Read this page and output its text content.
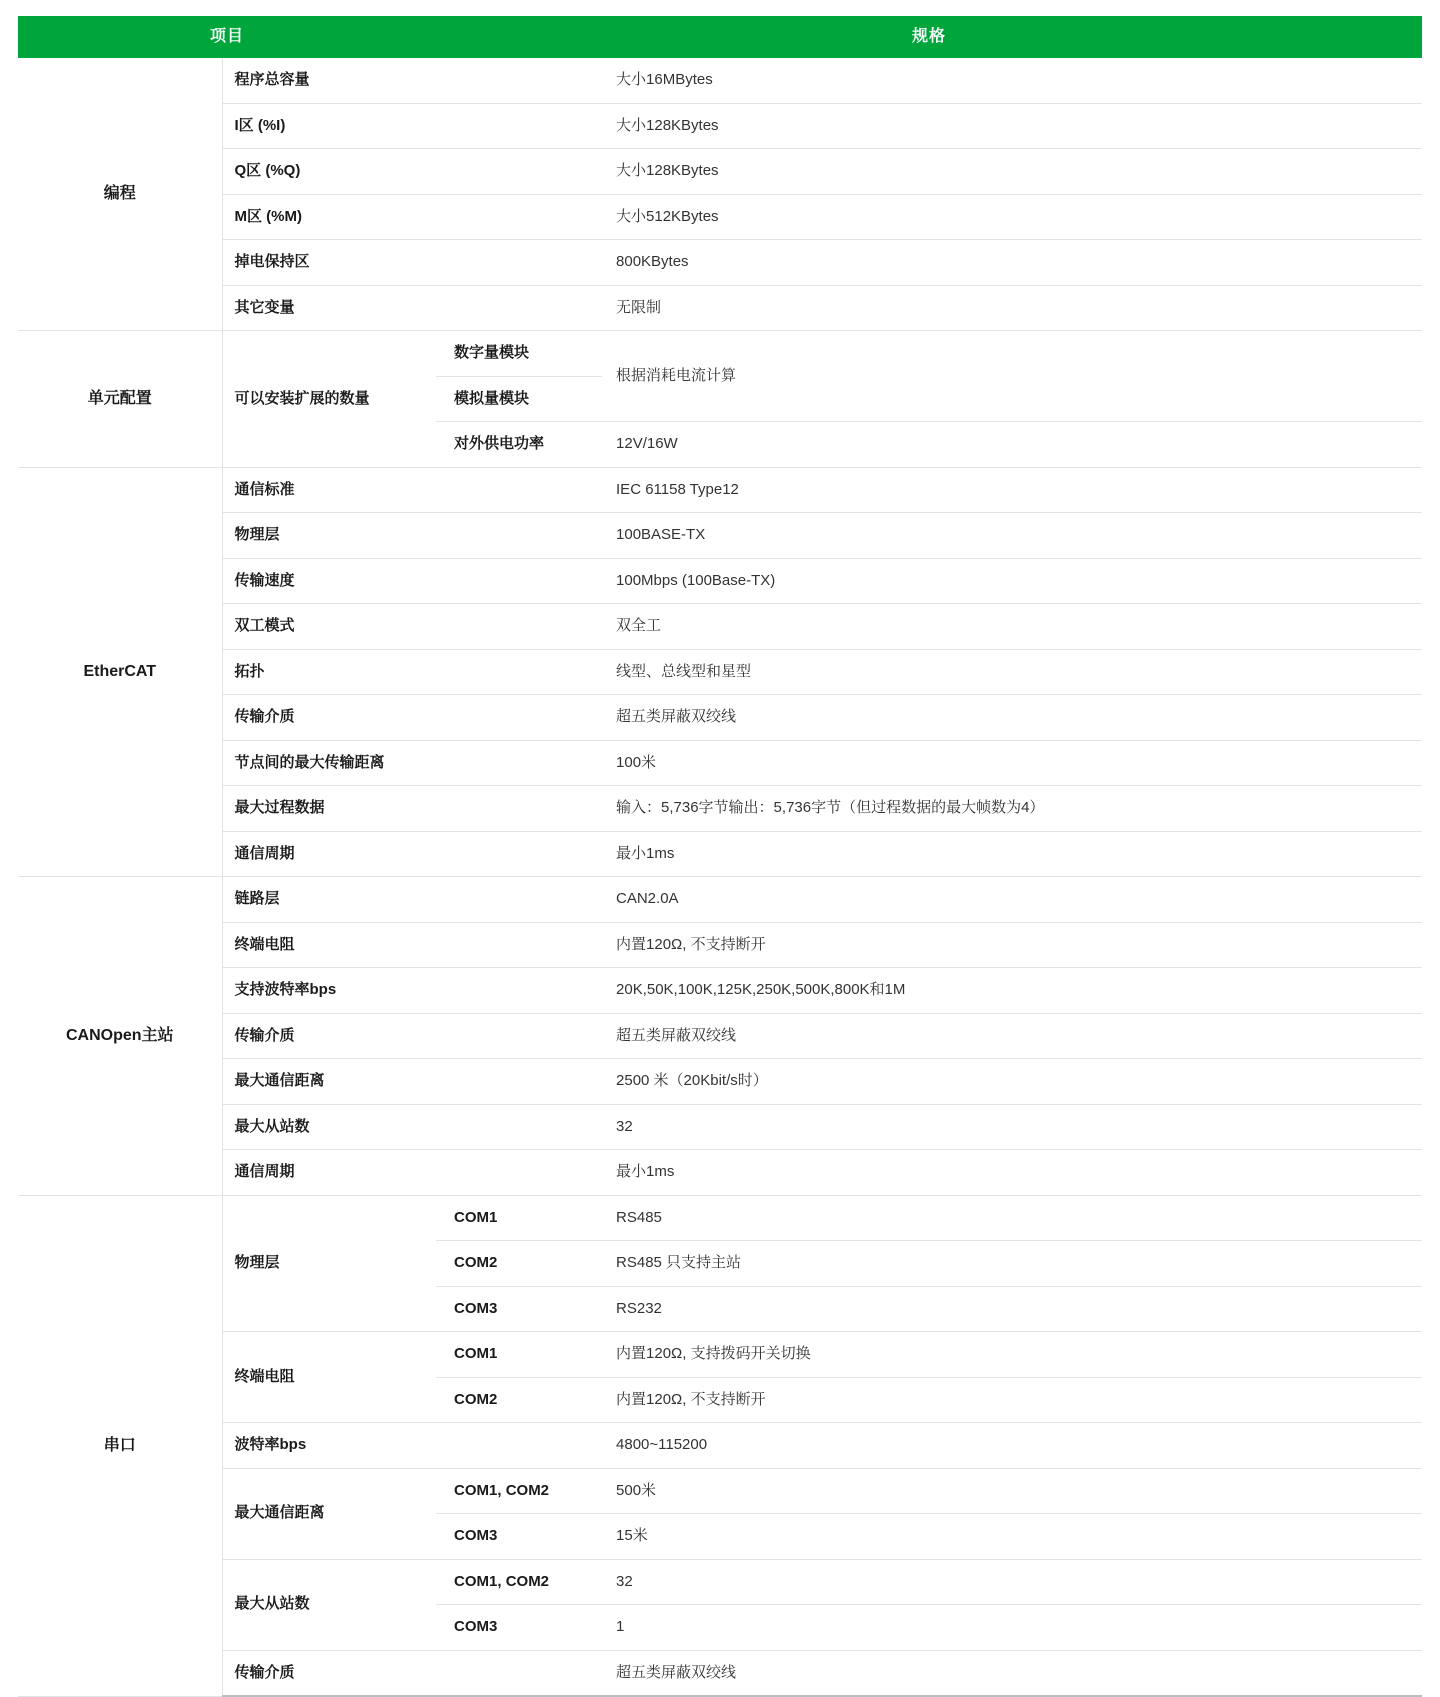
项目		规格	
编程	程序总容量		大小16MBytes
	I区 (%I)		大小128KBytes
	Q区 (%Q)		大小128KBytes
	M区 (%M)		大小512KBytes
	掉电保持区		800KBytes
	其它变量		无限制
单元配置	可以安装扩展的数量	数字量模块	根据消耗电流计算
		模拟量模块	
		对外供电功率	12V/16W
EtherCAT	通信标准		IEC 61158 Type12
	物理层		100BASE-TX
	传输速度		100Mbps (100Base-TX)
	双工模式		双全工
	拓扑		线型、总线型和星型
	传输介质		超五类屏蔽双绞线
	节点间的最大传输距离		100米
	最大过程数据		输入：5,736字节输出：5,736字节（但过程数据的最大帧数为4）
	通信周期		最小1ms
CANOpen主站	链路层		CAN2.0A
	终端电阻		内置120Ω, 不支持断开
	支持波特率bps		20K,50K,100K,125K,250K,500K,800K和1M
	传输介质		超五类屏蔽双绞线
	最大通信距离		2500 米（20Kbit/s时）
	最大从站数		32
	通信周期		最小1ms
串口	物理层	COM1	RS485
		COM2	RS485 只支持主站
		COM3	RS232
	终端电阻	COM1	内置120Ω, 支持拨码开关切换
		COM2	内置120Ω, 不支持断开
	波特率bps		4800~115200
	最大通信距离	COM1, COM2	500米
		COM3	15米
	最大从站数	COM1, COM2	32
		COM3	1
	传输介质		超五类屏蔽双绞线
